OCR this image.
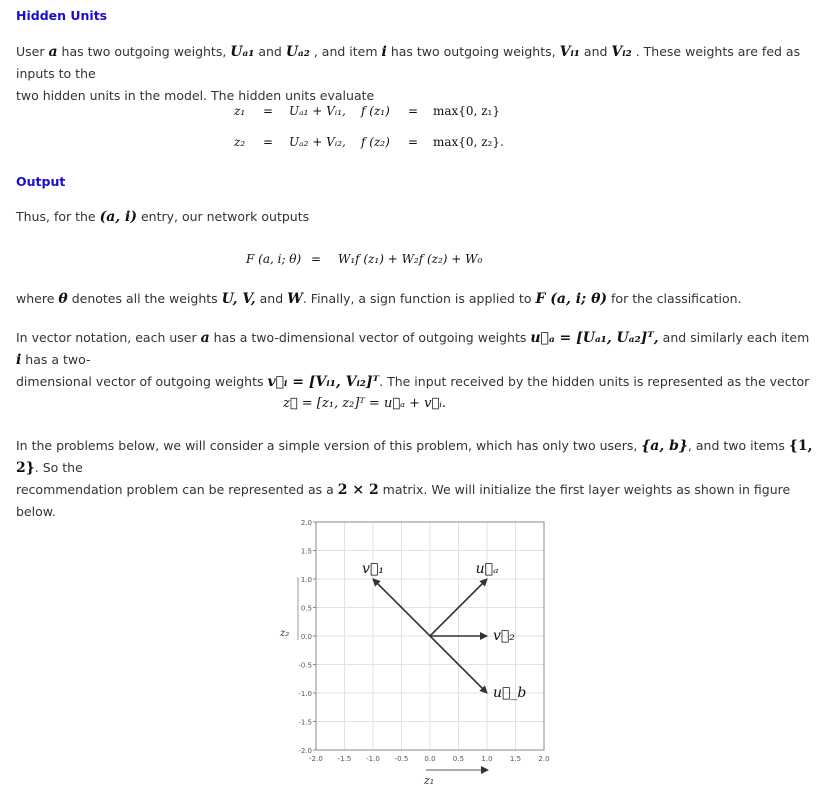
Hidden Units
User a has two outgoing weights, Uₐ₁ and Uₐ₂ , and item i has two outgoing weights, Vᵢ₁ and Vᵢ₂ . These weights are fed as inputs to the
two hidden units in the model. The hidden units evaluate
z₁ = Uₐ₁ + Vᵢ₁, f (z₁) = max{0, z₁}
z₂ = Uₐ₂ + Vᵢ₂, f (z₂) = max{0, z₂}.
Output
Thus, for the (a, i) entry, our network outputs
F (a, i; θ) = W₁f (z₁) + W₂f (z₂) + W₀
where θ denotes all the weights U, V, and W. Finally, a sign function is applied to F (a, i; θ) for the classification.
In vector notation, each user a has a two-dimensional vector of outgoing weights u⃗ₐ = [Uₐ₁, Uₐ₂]ᵀ, and similarly each item i has a two-
dimensional vector of outgoing weights v⃗ᵢ = [Vᵢ₁, Vᵢ₂]ᵀ. The input received by the hidden units is represented as the vector
z⃗ = [z₁, z₂]ᵀ = u⃗ₐ + v⃗ᵢ.
In the problems below, we will consider a simple version of this problem, which has only two users, {a, b}, and two items {1, 2}. So the
recommendation problem can be represented as a 2 × 2 matrix. We will initialize the first layer weights as shown in figure below.
-2.0 -1.5 -1.0 -0.5 0.0 0.5 1.0 1.5 2.0
2.0
1.5
1.0
0.5
0.0
-0.5
-1.0
-1.5
-2.0
v⃗₁	u⃗ₐ
v⃗₂
u⃗_b
z₂
z₁
